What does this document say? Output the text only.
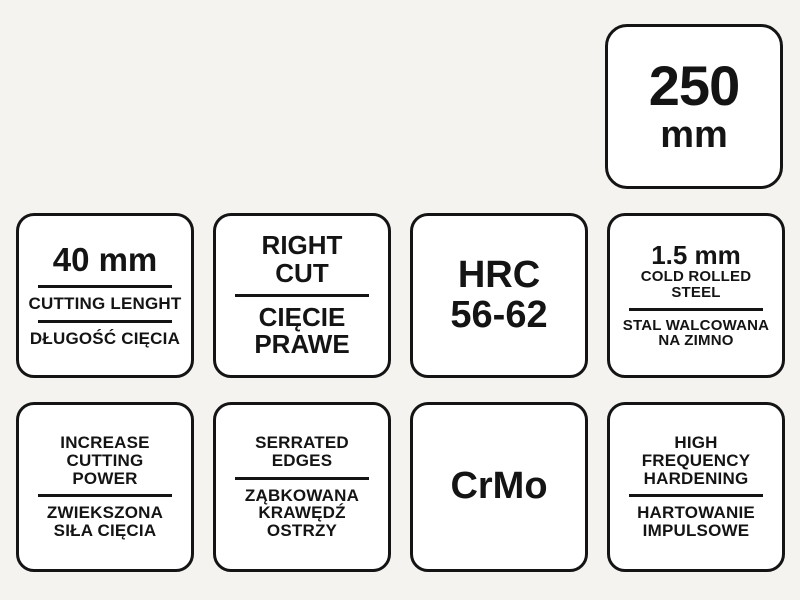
250
mm
40 mm
CUTTING LENGHT
DŁUGOŚĆ CIĘCIA
RIGHT
CUT
CIĘCIE
PRAWE
HRC
56-62
1.5 mm
COLD ROLLED
STEEL
STAL WALCOWANA
NA ZIMNO
INCREASE
CUTTING
POWER
ZWIEKSZONA
SIŁA CIĘCIA
SERRATED
EDGES
ZĄBKOWANA
KRAWĘDŹ
OSTRZY
CrMo
HIGH
FREQUENCY
HARDENING
HARTOWANIE
IMPULSOWE
